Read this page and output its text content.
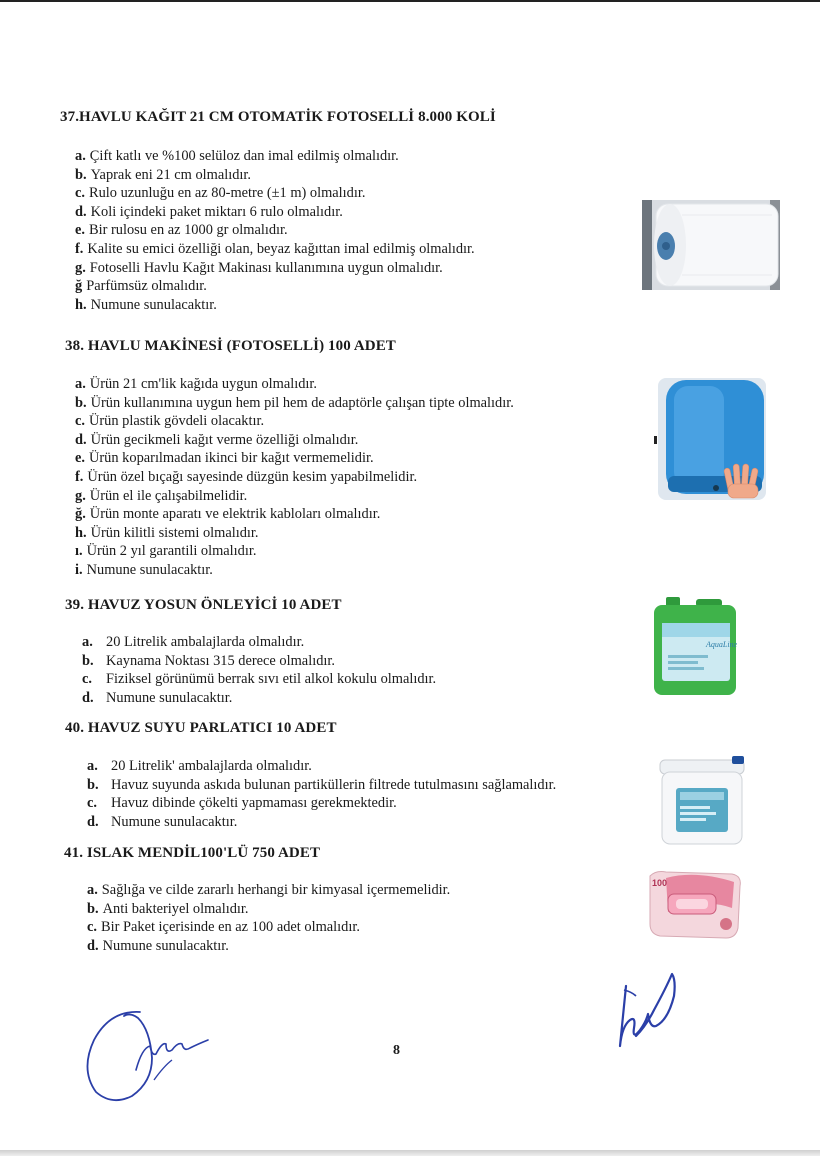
37.HAVLU KAĞIT 21 CM OTOMATİK FOTOSELLİ 8.000 KOLİ
a. Çift katlı ve %100 selüloz dan imal edilmiş olmalıdır.
b. Yaprak eni 21 cm olmalıdır.
c. Rulo uzunluğu en az 80-metre (±1 m) olmalıdır.
d. Koli içindeki paket miktarı 6 rulo olmalıdır.
e. Bir rulosu en az 1000 gr olmalıdır.
f. Kalite su emici özelliği olan, beyaz kağıttan imal edilmiş olmalıdır.
g. Fotoselli Havlu Kağıt Makinası kullanımına uygun olmalıdır.
ğ Parfümsüz olmalıdır.
h. Numune sunulacaktır.
38. HAVLU MAKİNESİ (FOTOSELLİ) 100 ADET
a. Ürün 21 cm'lik kağıda uygun olmalıdır.
b. Ürün kullanımına uygun hem pil hem de adaptörle çalışan tipte olmalıdır.
c. Ürün plastik gövdeli olacaktır.
d. Ürün gecikmeli kağıt verme özelliği olmalıdır.
e. Ürün koparılmadan ikinci bir kağıt vermemelidir.
f. Ürün özel bıçağı sayesinde düzgün kesim yapabilmelidir.
g. Ürün el ile çalışabilmelidir.
ğ. Ürün monte aparatı ve elektrik kabloları olmalıdır.
h. Ürün kilitli sistemi olmalıdır.
ı. Ürün 2 yıl garantili olmalıdır.
i. Numune sunulacaktır.
39. HAVUZ YOSUN ÖNLEYİCİ 10 ADET
a. 20 Litrelik ambalajlarda olmalıdır.
b. Kaynama Noktası 315 derece olmalıdır.
c. Fiziksel görünümü berrak sıvı etil alkol kokulu olmalıdır.
d. Numune sunulacaktır.
AquaLine
40. HAVUZ SUYU PARLATICI 10 ADET
a. 20 Litrelik' ambalajlarda olmalıdır.
b. Havuz suyunda askıda bulunan partiküllerin filtrede tutulmasını sağlamalıdır.
c. Havuz dibinde çökelti yapmaması gerekmektedir.
d. Numune sunulacaktır.
41. ISLAK MENDİL100'LÜ 750 ADET
a. Sağlığa ve cilde zararlı herhangi bir kimyasal içermemelidir.
b. Anti bakteriyel olmalıdır.
c. Bir Paket içerisinde en az 100 adet olmalıdır.
d. Numune sunulacaktır.
100
8
